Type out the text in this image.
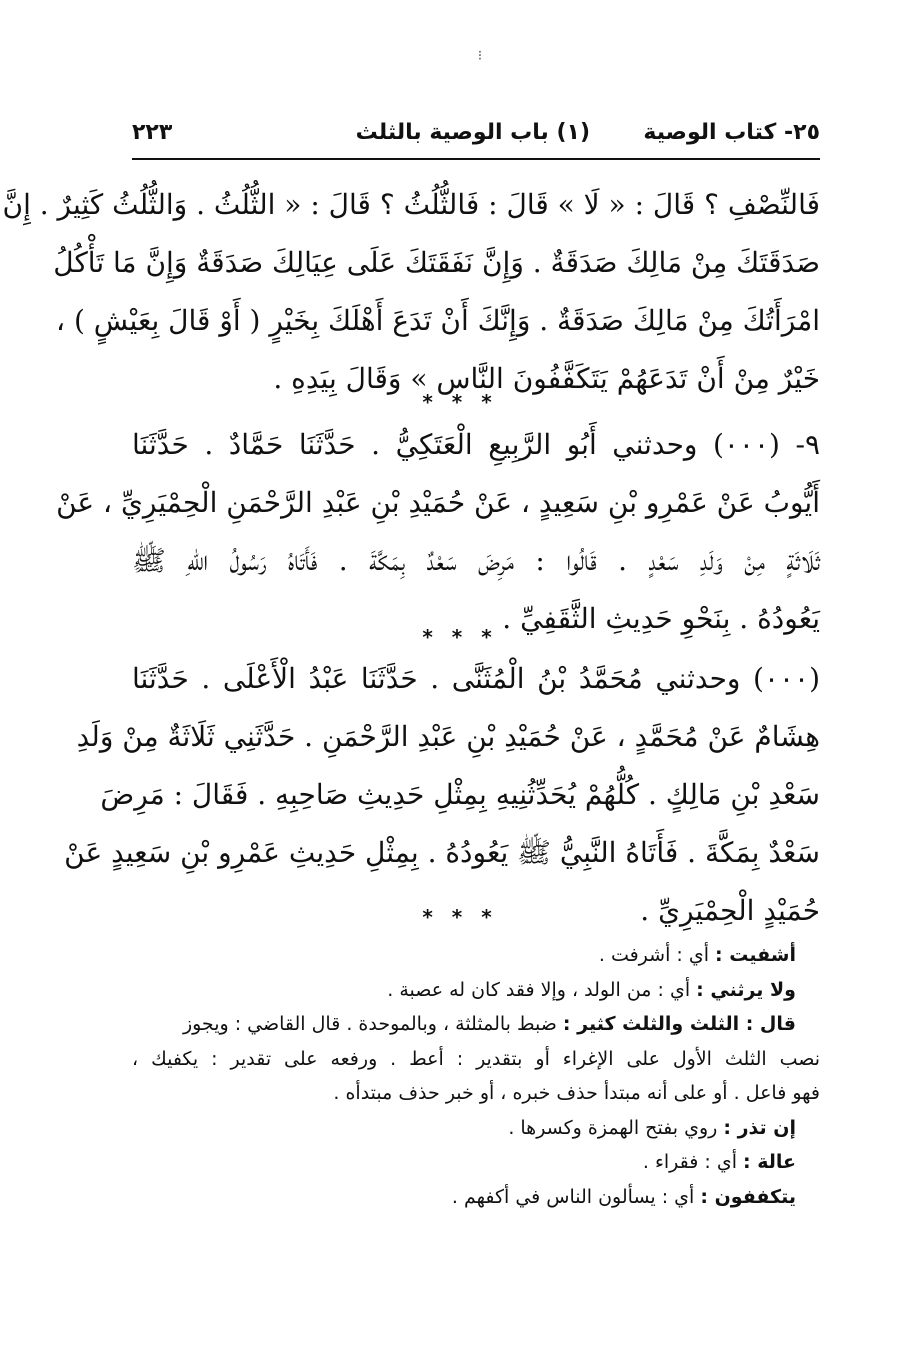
⁝
٢٥- كتاب الوصية
(١) باب الوصية بالثلث
٢٢٣
فَالنِّصْفِ ؟ قَالَ : « لَا » قَالَ : فَالثُّلُثُ ؟ قَالَ : « الثُّلُثُ . وَالثُّلُثُ كَثِيرٌ . إِنَّ
صَدَقَتَكَ مِنْ مَالِكَ صَدَقَةٌ . وَإِنَّ نَفَقَتَكَ عَلَى عِيَالِكَ صَدَقَةٌ وَإِنَّ مَا تَأْكُلُ
امْرَأَتُكَ مِنْ مَالِكَ صَدَقَةٌ . وَإِنَّكَ أَنْ تَدَعَ أَهْلَكَ بِخَيْرٍ ( أَوْ قَالَ بِعَيْشٍ ) ،
خَيْرٌ مِنْ أَنْ تَدَعَهُمْ يَتَكَفَّفُونَ النَّاس » وَقَالَ بِيَدِهِ .
* * *
٩- (٠٠٠) وحدثني أَبُو الرَّبِيعِ الْعَتَكِيُّ . حَدَّثَنَا حَمَّادٌ . حَدَّثَنَا
أَيُّوبُ عَنْ عَمْرِو بْنِ سَعِيدٍ ، عَنْ حُمَيْدِ بْنِ عَبْدِ الرَّحْمَنِ الْحِمْيَرِيِّ ، عَنْ
ثَلَاثَةٍ مِنْ وَلَدِ سَعْدٍ . قَالُوا : مَرِضَ سَعْدٌ بِمَكَّةَ . فَأَتَاهُ رَسُولُ اللهِ ﷺ
يَعُودُهُ . بِنَحْوِ حَدِيثِ الثَّقَفِيِّ .
* * *
(٠٠٠) وحدثني مُحَمَّدُ بْنُ الْمُثَنَّى . حَدَّثَنَا عَبْدُ الْأَعْلَى . حَدَّثَنَا
هِشَامٌ عَنْ مُحَمَّدٍ ، عَنْ حُمَيْدِ بْنِ عَبْدِ الرَّحْمَنِ . حَدَّثَنِي ثَلَاثَةٌ مِنْ وَلَدِ
سَعْدِ بْنِ مَالِكٍ . كُلُّهُمْ يُحَدِّثُنِيهِ بِمِثْلِ حَدِيثِ صَاحِبِهِ . فَقَالَ : مَرِضَ
سَعْدٌ بِمَكَّةَ . فَأَتَاهُ النَّبِيُّ ﷺ يَعُودُهُ . بِمِثْلِ حَدِيثِ عَمْرِو بْنِ سَعِيدٍ عَنْ
حُمَيْدٍ الْحِمْيَرِيِّ .
* * *
أشفيت : أي : أشرفت .
ولا يرثني : أي : من الولد ، وإلا فقد كان له عصبة .
قال : الثلث والثلث كثير : ضبط بالمثلثة ، وبالموحدة . قال القاضي : ويجوز
نصب الثلث الأول على الإغراء أو بتقدير : أعط . ورفعه على تقدير : يكفيك ،
فهو فاعل . أو على أنه مبتدأ حذف خبره ، أو خبر حذف مبتدأه .
إن تذر : روي بفتح الهمزة وكسرها .
عالة : أي : فقراء .
يتكففون : أي : يسألون الناس في أكفهم .
